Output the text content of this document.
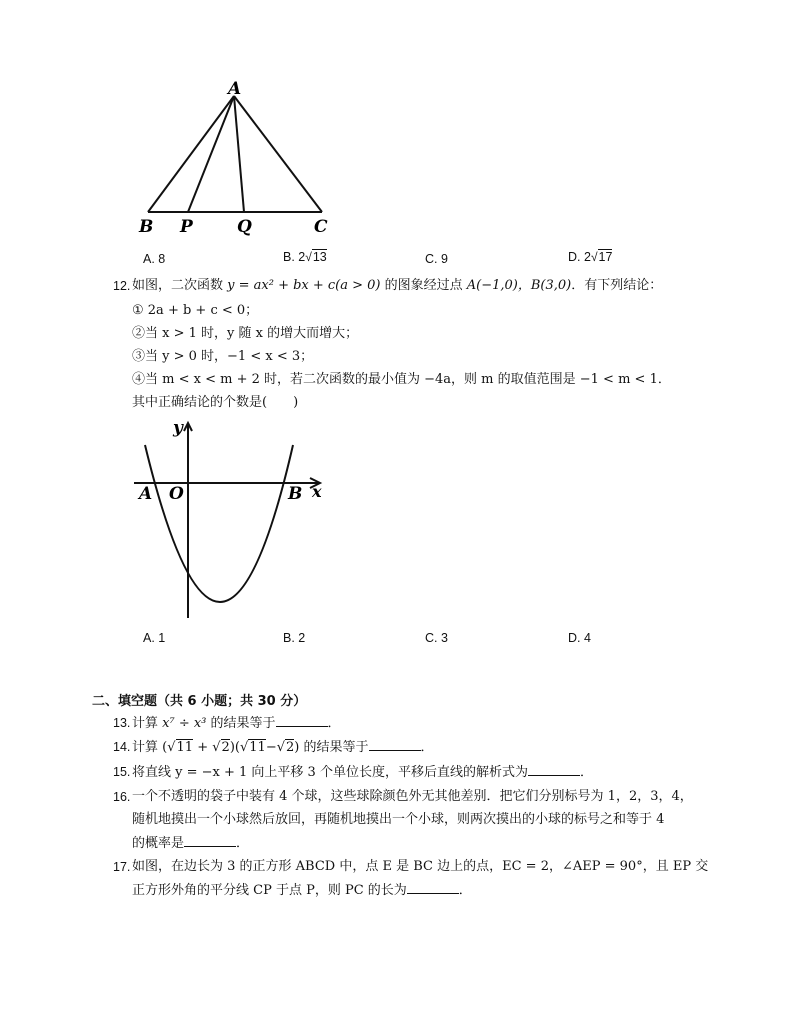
A
B P	Q	C
A. 8	B. 2√13	C. 9	D. 2√17
12. 如图，二次函数 y = ax² + bx + c(a > 0) 的图象经过点 A(−1,0)，B(3,0)．有下列结论：
① 2a + b + c < 0；
②当 x > 1 时，y 随 x 的增大而增大；
③当 y > 0 时，−1 < x < 3；
④当 m < x < m + 2 时，若二次函数的最小值为 −4a，则 m 的取值范围是 −1 < m < 1．
其中正确结论的个数是(　　)
y
A O	B x
A. 1	B. 2	C. 3	D. 4
二、填空题（共 6 小题；共 30 分）
13. 计算 x⁷ ÷ x³ 的结果等于	．
14. 计算 (√11 + √2)(√11−√2) 的结果等于	．
15. 将直线 y = −x + 1 向上平移 3 个单位长度，平移后直线的解析式为	．
16. 一个不透明的袋子中装有 4 个球，这些球除颜色外无其他差别．把它们分别标号为 1，2，3，4，
随机地摸出一个小球然后放回，再随机地摸出一个小球，则两次摸出的小球的标号之和等于 4
的概率是	．
17. 如图，在边长为 3 的正方形 ABCD 中，点 E 是 BC 边上的点，EC = 2，∠AEP = 90°，且 EP 交
正方形外角的平分线 CP 于点 P，则 PC 的长为	．
